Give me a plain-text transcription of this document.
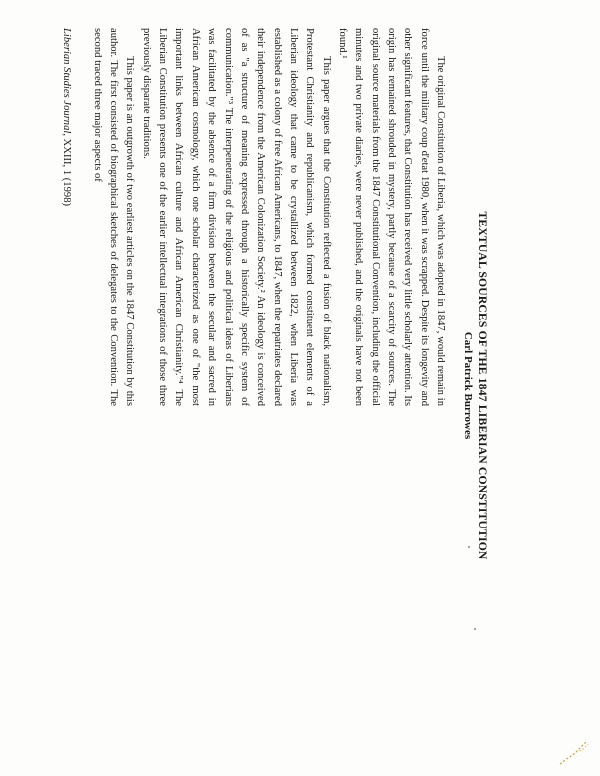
TEXTUAL SOURCES OF THE 1847 LIBERIAN CONSTITUTION

Carl Patrick Burrowes

The original Constitution of Liberia, which was adopted in 1847, would remain in force until the military coup d'etat 1980, when it was scrapped. Despite its longevity and other significant features, that Constitution has received very little scholarly attention. Its origin has remained shrouded in mystery, partly because of a scarcity of sources. The original source materials from the 1847 Constitutional Convention, including the official minutes and two private diaries, were never published, and the originals have not been found.¹

This paper argues that the Constitution reflected a fusion of black nationalism, Protestant Christianity and republicanism, which formed constituent elements of a Liberian ideology that came to be crystallized between 1822, when Liberia was established as a colony of free African Americans, to 1847, when the repatriates declared their independence from the American Colonization Society.² An ideology is conceived of as "a structure of meaning expressed through a historically specific system of communication."³ The interpenetrating of the religious and political ideas of Liberians was facilitated by the absence of a firm division between the secular and sacred in African American cosmology, which one scholar characterized as one of "the most important links between African culture and African American Christianity."⁴ The Liberian Constitution presents one of the earlier intellectual integrations of those three previously disparate traditions.

This paper is an outgrowth of two earliest articles on the 1847 Constitution by this author. The first consisted of biographical sketches of delegates to the Convention. The second traced three major aspects of

Liberian Studies Journal, XXIII, 1 (1998)
